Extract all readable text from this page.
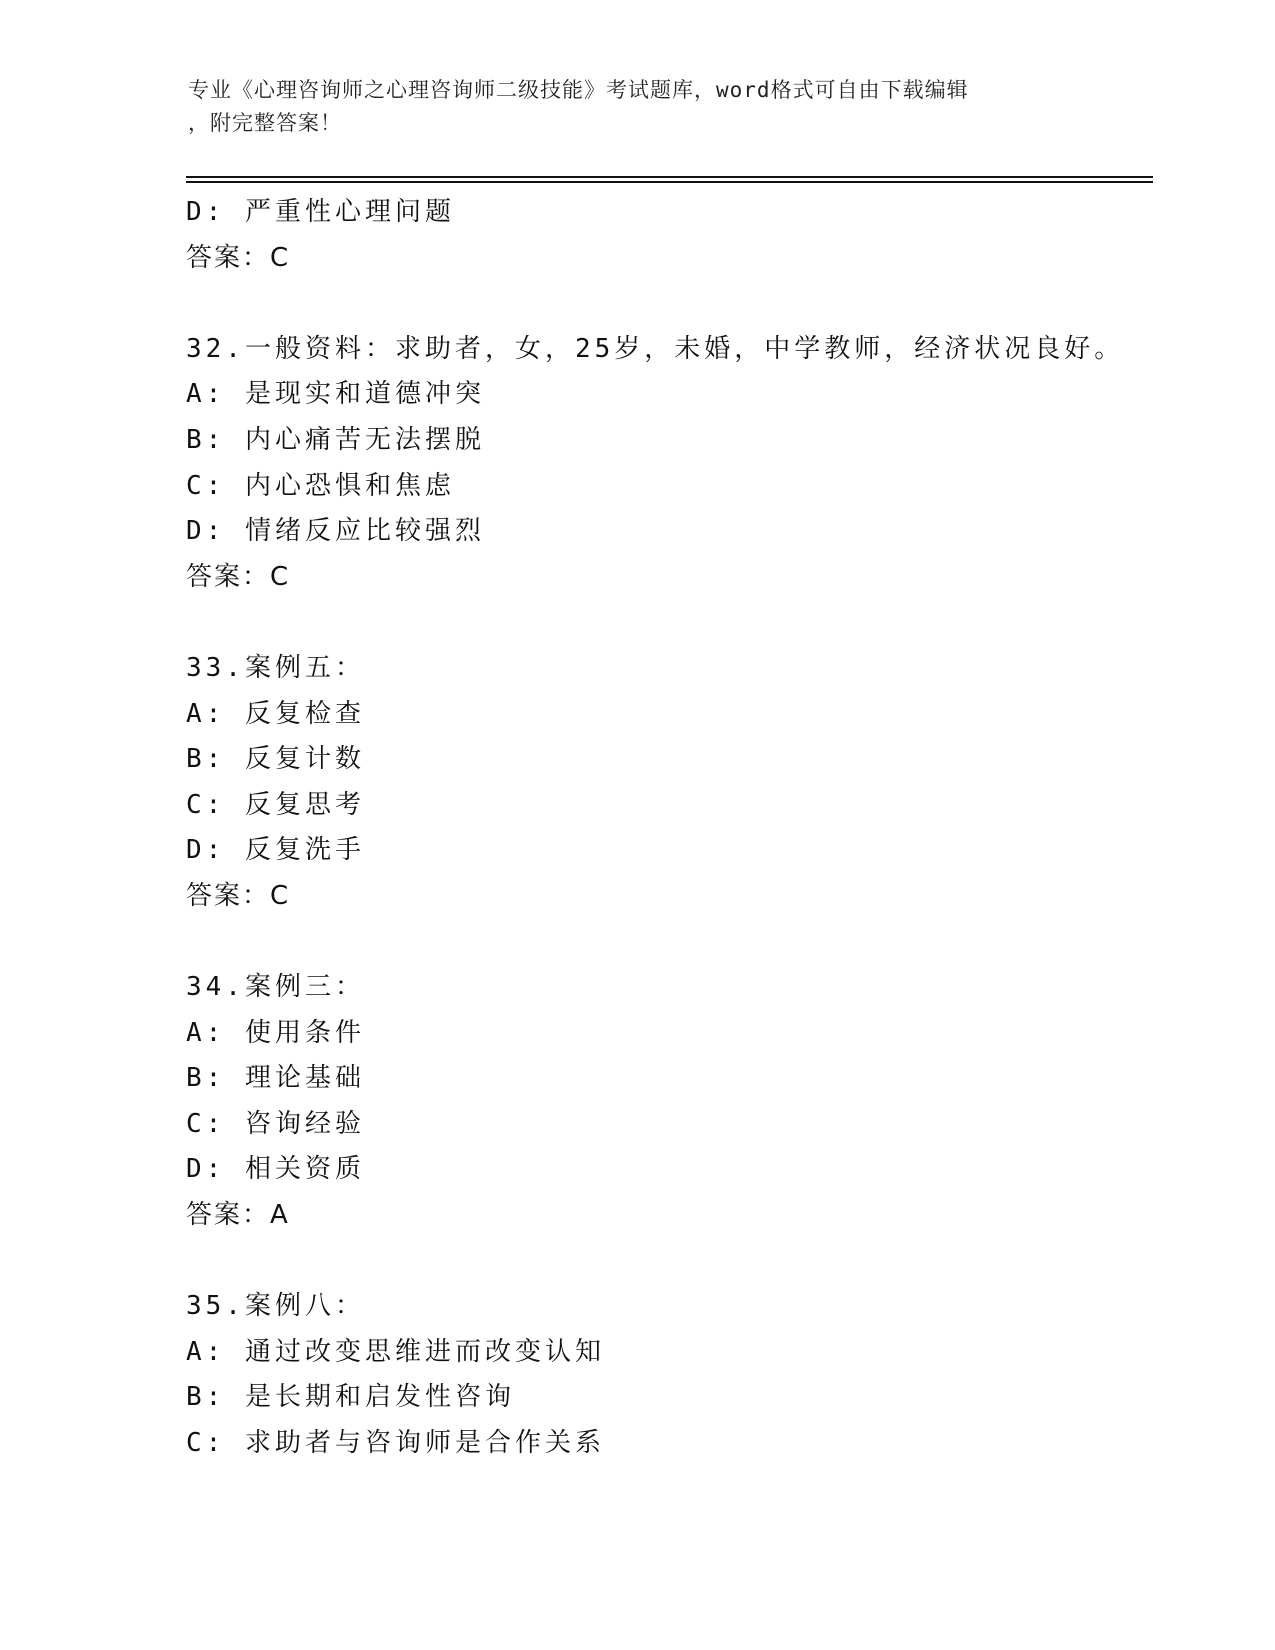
专业《心理咨询师之心理咨询师二级技能》考试题库，word格式可自由下载编辑
，附完整答案！
D: 严重性心理问题
答案：C
32.一般资料：求助者，女，25岁，未婚，中学教师，经济状况良好。
A: 是现实和道德冲突
B: 内心痛苦无法摆脱
C: 内心恐惧和焦虑
D: 情绪反应比较强烈
答案：C
33.案例五：
A: 反复检查
B: 反复计数
C: 反复思考
D: 反复洗手
答案：C
34.案例三：
A: 使用条件
B: 理论基础
C: 咨询经验
D: 相关资质
答案：A
35.案例八：
A: 通过改变思维进而改变认知
B: 是长期和启发性咨询
C: 求助者与咨询师是合作关系
